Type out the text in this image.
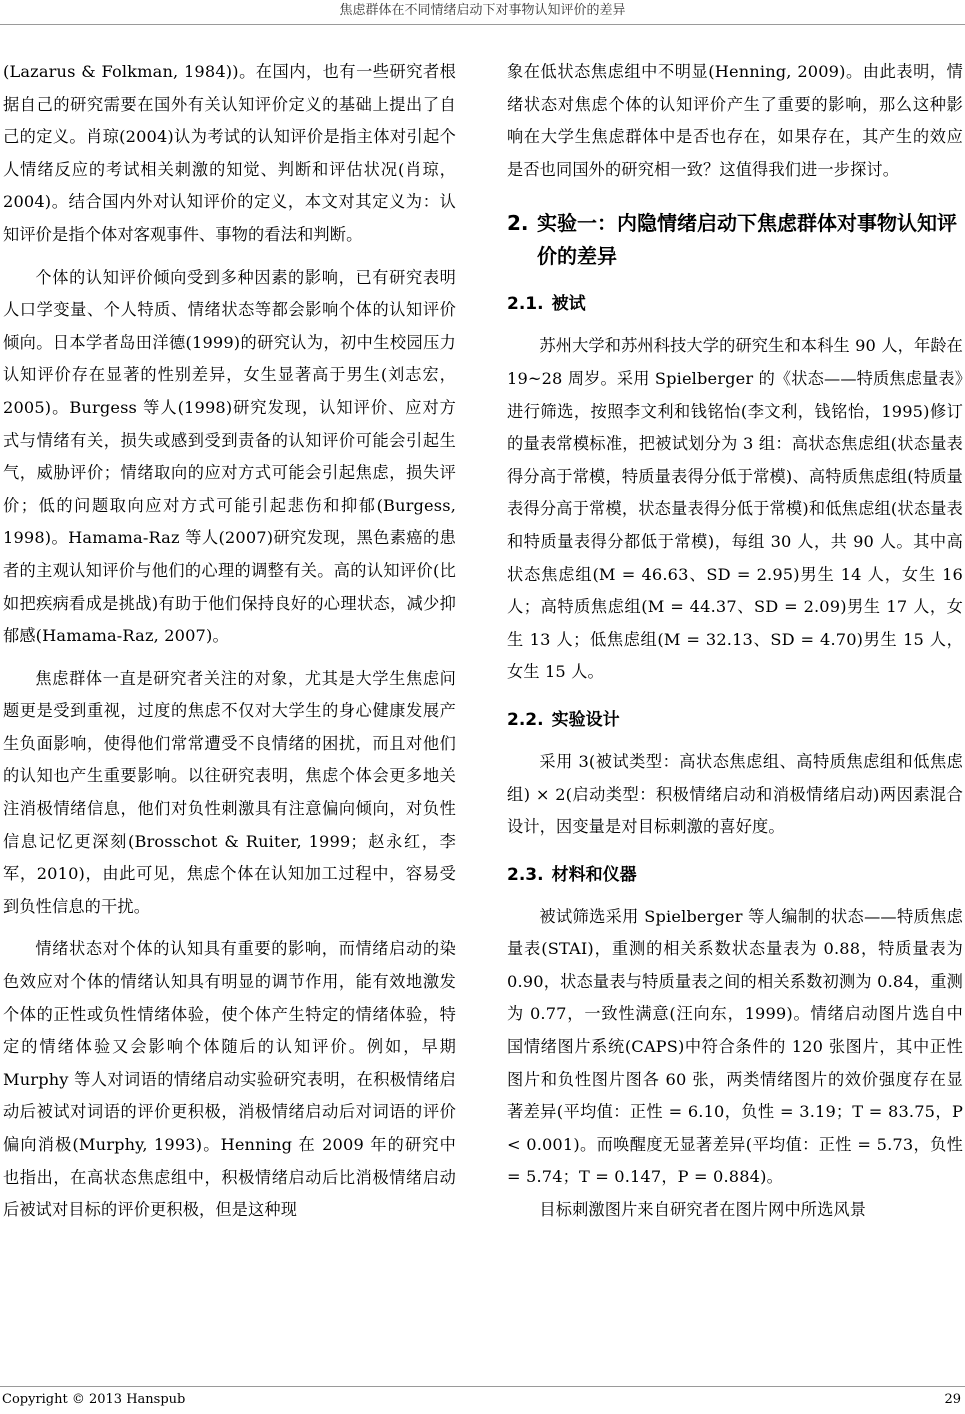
焦虑群体在不同情绪启动下对事物认知评价的差异

(Lazarus & Folkman, 1984))。在国内，也有一些研究者根据自己的研究需要在国外有关认知评价定义的基础上提出了自己的定义。肖琼(2004)认为考试的认知评价是指主体对引起个人情绪反应的考试相关刺激的知觉、判断和评估状况(肖琼，2004)。结合国内外对认知评价的定义，本文对其定义为：认知评价是指个体对客观事件、事物的看法和判断。

个体的认知评价倾向受到多种因素的影响，已有研究表明人口学变量、个人特质、情绪状态等都会影响个体的认知评价倾向。日本学者岛田洋德(1999)的研究认为，初中生校园压力认知评价存在显著的性别差异，女生显著高于男生(刘志宏，2005)。Burgess 等人(1998)研究发现，认知评价、应对方式与情绪有关，损失或感到受到责备的认知评价可能会引起生气，威胁评价；情绪取向的应对方式可能会引起焦虑，损失评价；低的问题取向应对方式可能引起悲伤和抑郁(Burgess, 1998)。Hamama-Raz 等人(2007)研究发现，黑色素癌的患者的主观认知评价与他们的心理的调整有关。高的认知评价(比如把疾病看成是挑战)有助于他们保持良好的心理状态，减少抑郁感(Hamama-Raz, 2007)。

焦虑群体一直是研究者关注的对象，尤其是大学生焦虑问题更是受到重视，过度的焦虑不仅对大学生的身心健康发展产生负面影响，使得他们常常遭受不良情绪的困扰，而且对他们的认知也产生重要影响。以往研究表明，焦虑个体会更多地关注消极情绪信息，他们对负性刺激具有注意偏向倾向，对负性信息记忆更深刻(Brosschot & Ruiter, 1999；赵永红，李军，2010)，由此可见，焦虑个体在认知加工过程中，容易受到负性信息的干扰。

情绪状态对个体的认知具有重要的影响，而情绪启动的染色效应对个体的情绪认知具有明显的调节作用，能有效地激发个体的正性或负性情绪体验，使个体产生特定的情绪体验，特定的情绪体验又会影响个体随后的认知评价。例如，早期 Murphy 等人对词语的情绪启动实验研究表明，在积极情绪启动后被试对词语的评价更积极，消极情绪启动后对词语的评价偏向消极(Murphy, 1993)。Henning 在 2009 年的研究中也指出，在高状态焦虑组中，积极情绪启动后比消极情绪启动后被试对目标的评价更积极，但是这种现

象在低状态焦虑组中不明显(Henning, 2009)。由此表明，情绪状态对焦虑个体的认知评价产生了重要的影响，那么这种影响在大学生焦虑群体中是否也存在，如果存在，其产生的效应是否也同国外的研究相一致？这值得我们进一步探讨。

2. 实验一：内隐情绪启动下焦虑群体对事物认知评价的差异
2.1. 被试

苏州大学和苏州科技大学的研究生和本科生 90 人，年龄在 19~28 周岁。采用 Spielberger 的《状态——特质焦虑量表》进行筛选，按照李文利和钱铭怡(李文利，钱铭怡，1995)修订的量表常模标准，把被试划分为 3 组：高状态焦虑组(状态量表得分高于常模，特质量表得分低于常模)、高特质焦虑组(特质量表得分高于常模，状态量表得分低于常模)和低焦虑组(状态量表和特质量表得分都低于常模)，每组 30 人，共 90 人。其中高状态焦虑组(M = 46.63、SD = 2.95)男生 14 人，女生 16 人；高特质焦虑组(M = 44.37、SD = 2.09)男生 17 人，女生 13 人；低焦虑组(M = 32.13、SD = 4.70)男生 15 人，女生 15 人。

2.2. 实验设计

采用 3(被试类型：高状态焦虑组、高特质焦虑组和低焦虑组) × 2(启动类型：积极情绪启动和消极情绪启动)两因素混合设计，因变量是对目标刺激的喜好度。

2.3. 材料和仪器

被试筛选采用 Spielberger 等人编制的状态——特质焦虑量表(STAI)，重测的相关系数状态量表为 0.88，特质量表为 0.90，状态量表与特质量表之间的相关系数初测为 0.84，重测为 0.77，一致性满意(汪向东，1999)。情绪启动图片选自中国情绪图片系统(CAPS)中符合条件的 120 张图片，其中正性图片和负性图片图各 60 张，两类情绪图片的效价强度存在显著差异(平均值：正性 = 6.10，负性 = 3.19；T = 83.75，P < 0.001)。而唤醒度无显著差异(平均值：正性 = 5.73，负性 = 5.74；T = 0.147，P = 0.884)。

目标刺激图片来自研究者在图片网中所选风景

Copyright © 2013 Hanspub	29
